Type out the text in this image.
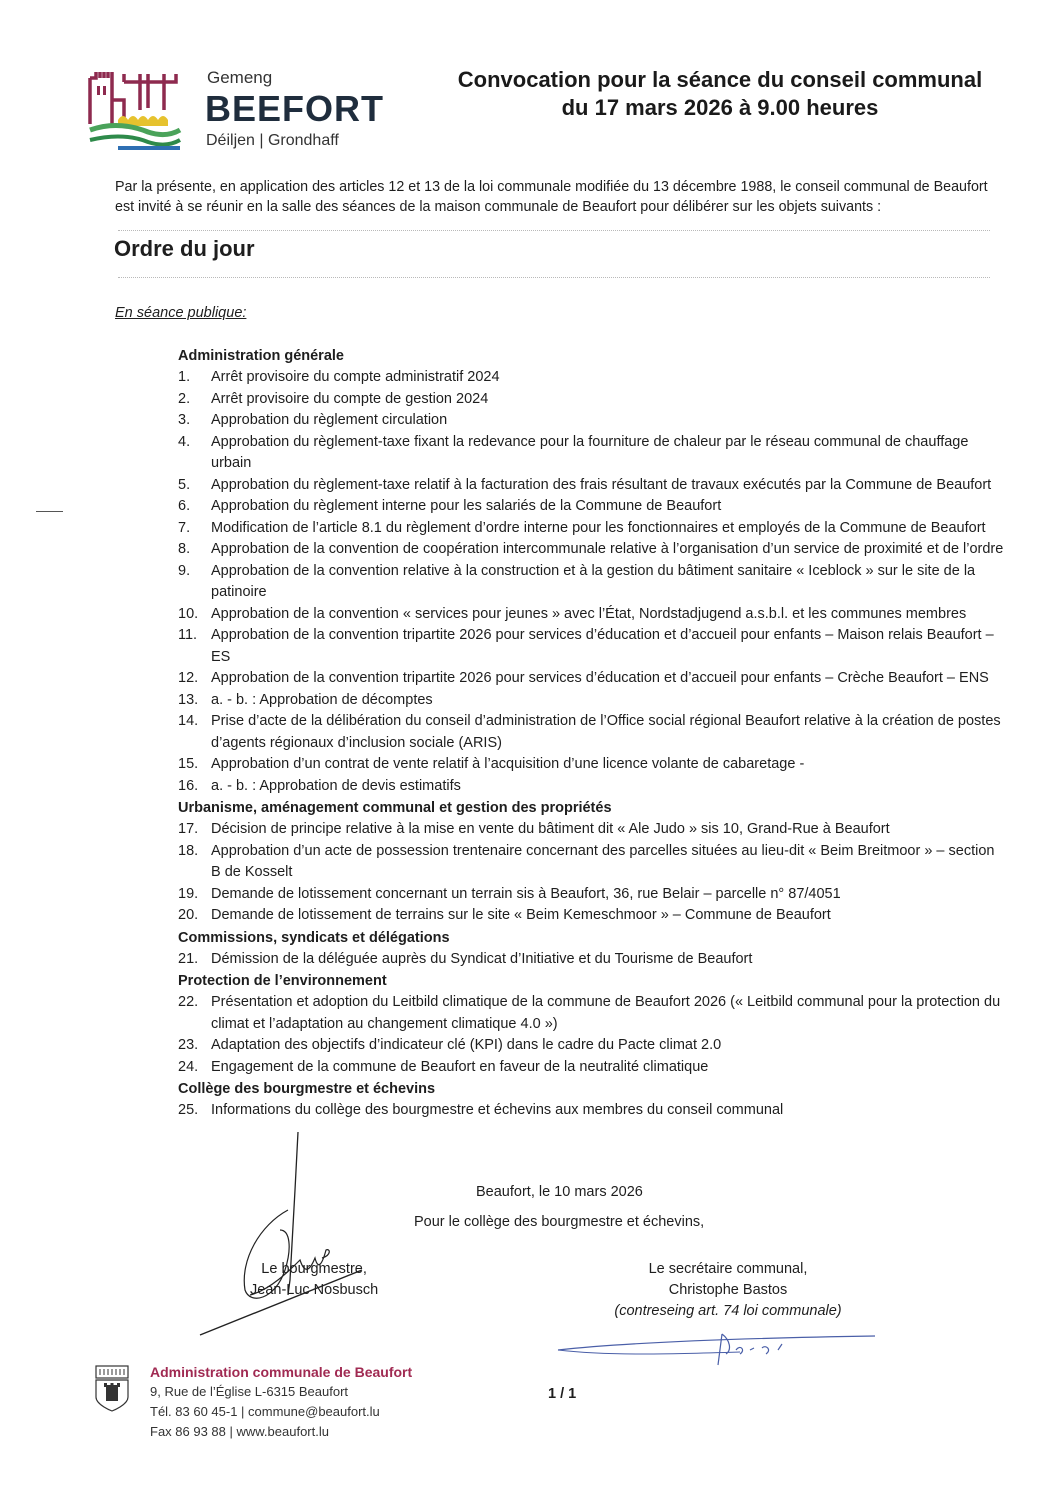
Gemeng
BEEFORT
Déiljen | Grondhaff
Convocation pour la séance du conseil communal
du 17 mars 2026 à 9.00 heures
Par la présente, en application des articles 12 et 13 de la loi communale modifiée du 13 décembre 1988, le conseil communal de Beaufort est invité à se réunir en la salle des séances de la maison communale de Beaufort pour délibérer sur les objets suivants :
Ordre du jour
En séance publique:
Administration générale
1. Arrêt provisoire du compte administratif 2024
2. Arrêt provisoire du compte de gestion 2024
3. Approbation du règlement circulation
4. Approbation du règlement-taxe fixant la redevance pour la fourniture de chaleur par le réseau communal de chauffage urbain
5. Approbation du règlement-taxe relatif à la facturation des frais résultant de travaux exécutés par la Commune de Beaufort
6. Approbation du règlement interne pour les salariés de la Commune de Beaufort
7. Modification de l’article 8.1 du règlement d’ordre interne pour les fonctionnaires et employés de la Commune de Beaufort
8. Approbation de la convention de coopération intercommunale relative à l’organisation d’un service de proximité et de l’ordre
9. Approbation de la convention relative à la construction et à la gestion du bâtiment sanitaire « Iceblock » sur le site de la patinoire
10. Approbation de la convention « services pour jeunes » avec l’État, Nordstadjugend a.s.b.l. et les communes membres
11. Approbation de la convention tripartite 2026 pour services d’éducation et d’accueil pour enfants – Maison relais Beaufort – ES
12. Approbation de la convention tripartite 2026 pour services d’éducation et d’accueil pour enfants – Crèche Beaufort – ENS
13. a. - b. : Approbation de décomptes
14. Prise d’acte de la délibération du conseil d’administration de l’Office social régional Beaufort relative à la création de postes d’agents régionaux d’inclusion sociale (ARIS)
15. Approbation d’un contrat de vente relatif à l’acquisition d’une licence volante de cabaretage -
16. a. - b. : Approbation de devis estimatifs
Urbanisme, aménagement communal et gestion des propriétés
17. Décision de principe relative à la mise en vente du bâtiment dit « Ale Judo » sis 10, Grand-Rue à Beaufort
18. Approbation d’un acte de possession trentenaire concernant des parcelles situées au lieu-dit « Beim Breitmoor » – section B de Kosselt
19. Demande de lotissement concernant un terrain sis à Beaufort, 36, rue Belair – parcelle n° 87/4051
20. Demande de lotissement de terrains sur le site « Beim Kemeschmoor » – Commune de Beaufort
Commissions, syndicats et délégations
21. Démission de la déléguée auprès du Syndicat d’Initiative et du Tourisme de Beaufort
Protection de l’environnement
22. Présentation et adoption du Leitbild climatique de la commune de Beaufort 2026 (« Leitbild communal pour la protection du climat et l’adaptation au changement climatique 4.0 »)
23. Adaptation des objectifs d’indicateur clé (KPI) dans le cadre du Pacte climat 2.0
24. Engagement de la commune de Beaufort en faveur de la neutralité climatique
Collège des bourgmestre et échevins
25. Informations du collège des bourgmestre et échevins aux membres du conseil communal
Beaufort, le 10 mars 2026
Pour le collège des bourgmestre et échevins,
Le bourgmestre,
Jean-Luc Nosbusch
Le secrétaire communal,
Christophe Bastos
(contreseing art. 74 loi communale)
Administration communale de Beaufort
9, Rue de l’Église L-6315 Beaufort
Tél. 83 60 45-1 | commune@beaufort.lu
Fax 86 93 88 | www.beaufort.lu
1 / 1
